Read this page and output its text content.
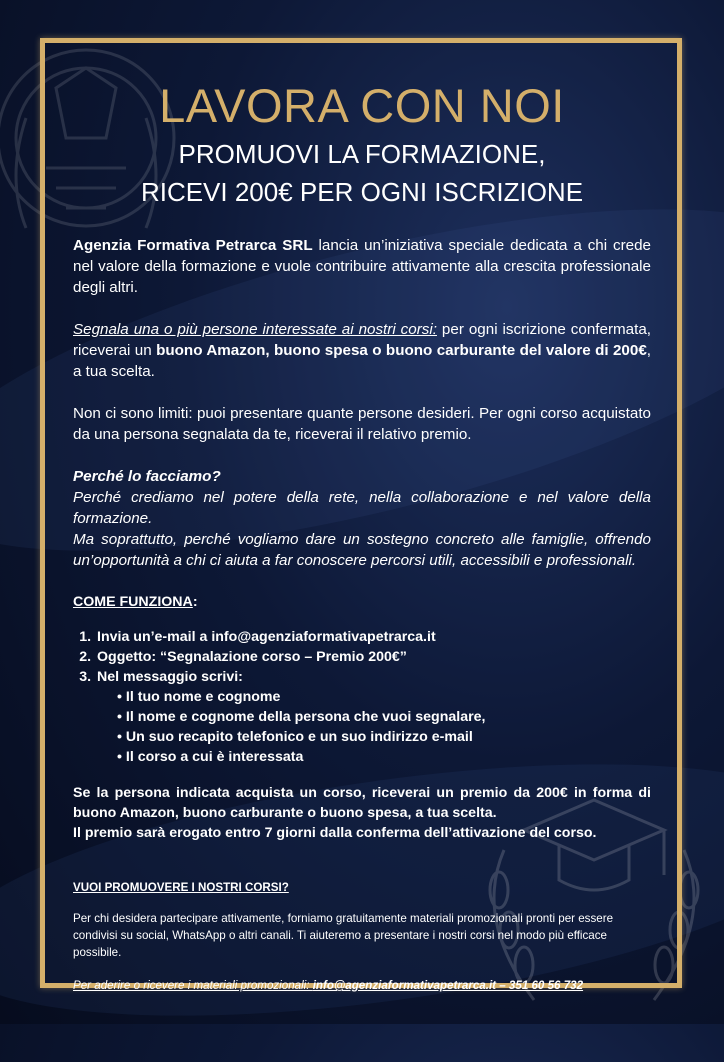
LAVORA CON NOI

PROMUOVI LA FORMAZIONE,

RICEVI 200€ PER OGNI ISCRIZIONE

Agenzia Formativa Petrarca SRL lancia un’iniziativa speciale dedicata a chi crede nel valore della formazione e vuole contribuire attivamente alla crescita professionale degli altri.

Segnala una o più persone interessate ai nostri corsi: per ogni iscrizione confermata, riceverai un buono Amazon, buono spesa o buono carburante del valore di 200€, a tua scelta.

Non ci sono limiti: puoi presentare quante persone desideri. Per ogni corso acquistato da una persona segnalata da te, riceverai il relativo premio.

Perché lo facciamo?

Perché crediamo nel potere della rete, nella collaborazione e nel valore della formazione.

Ma soprattutto, perché vogliamo dare un sostegno concreto alle famiglie, offrendo un’opportunità a chi ci aiuta a far conoscere percorsi utili, accessibili e professionali.

COME FUNZIONA:

1. Invia un’e-mail a info@agenziaformativapetrarca.it
2. Oggetto: “Segnalazione corso – Premio 200€”
3. Nel messaggio scrivi:
• Il tuo nome e cognome
• Il nome e cognome della persona che vuoi segnalare,
• Un suo recapito telefonico e un suo indirizzo e-mail
• Il corso a cui è interessata

Se la persona indicata acquista un corso, riceverai un premio da 200€ in forma di buono Amazon, buono carburante o buono spesa, a tua scelta.

Il premio sarà erogato entro 7 giorni dalla conferma dell’attivazione del corso.

VUOI PROMUOVERE I NOSTRI CORSI?

Per chi desidera partecipare attivamente, forniamo gratuitamente materiali promozionali pronti per essere condivisi su social, WhatsApp o altri canali. Ti aiuteremo a presentare i nostri corsi nel modo più efficace possibile.

Per aderire o ricevere i materiali promozionali: info@agenziaformativapetrarca.it – 351 60 56 732
